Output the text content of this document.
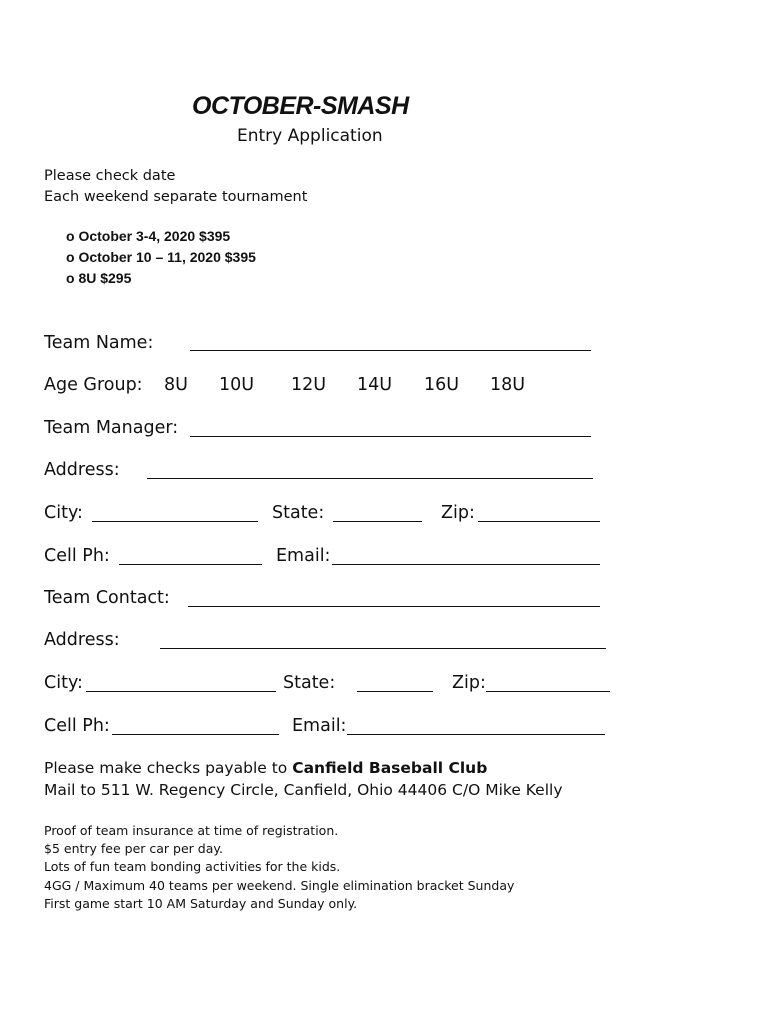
OCTOBER-SMASH
Entry Application
Please check date
Each weekend separate tournament
o October 3-4, 2020 $395
o October 10 – 11, 2020 $395
o 8U $295
Team Name:
Age Group: 8U 10U 12U 14U 16U 18U
Team Manager:
Address:
City:	State:	Zip:
Cell Ph:	Email:
Team Contact:
Address:
City:	State:	Zip:
Cell Ph:	Email:
Please make checks payable to Canfield Baseball Club
Mail to 511 W. Regency Circle, Canfield, Ohio 44406 C/O Mike Kelly
Proof of team insurance at time of registration.
$5 entry fee per car per day.
Lots of fun team bonding activities for the kids.
4GG / Maximum 40 teams per weekend. Single elimination bracket Sunday
First game start 10 AM Saturday and Sunday only.
